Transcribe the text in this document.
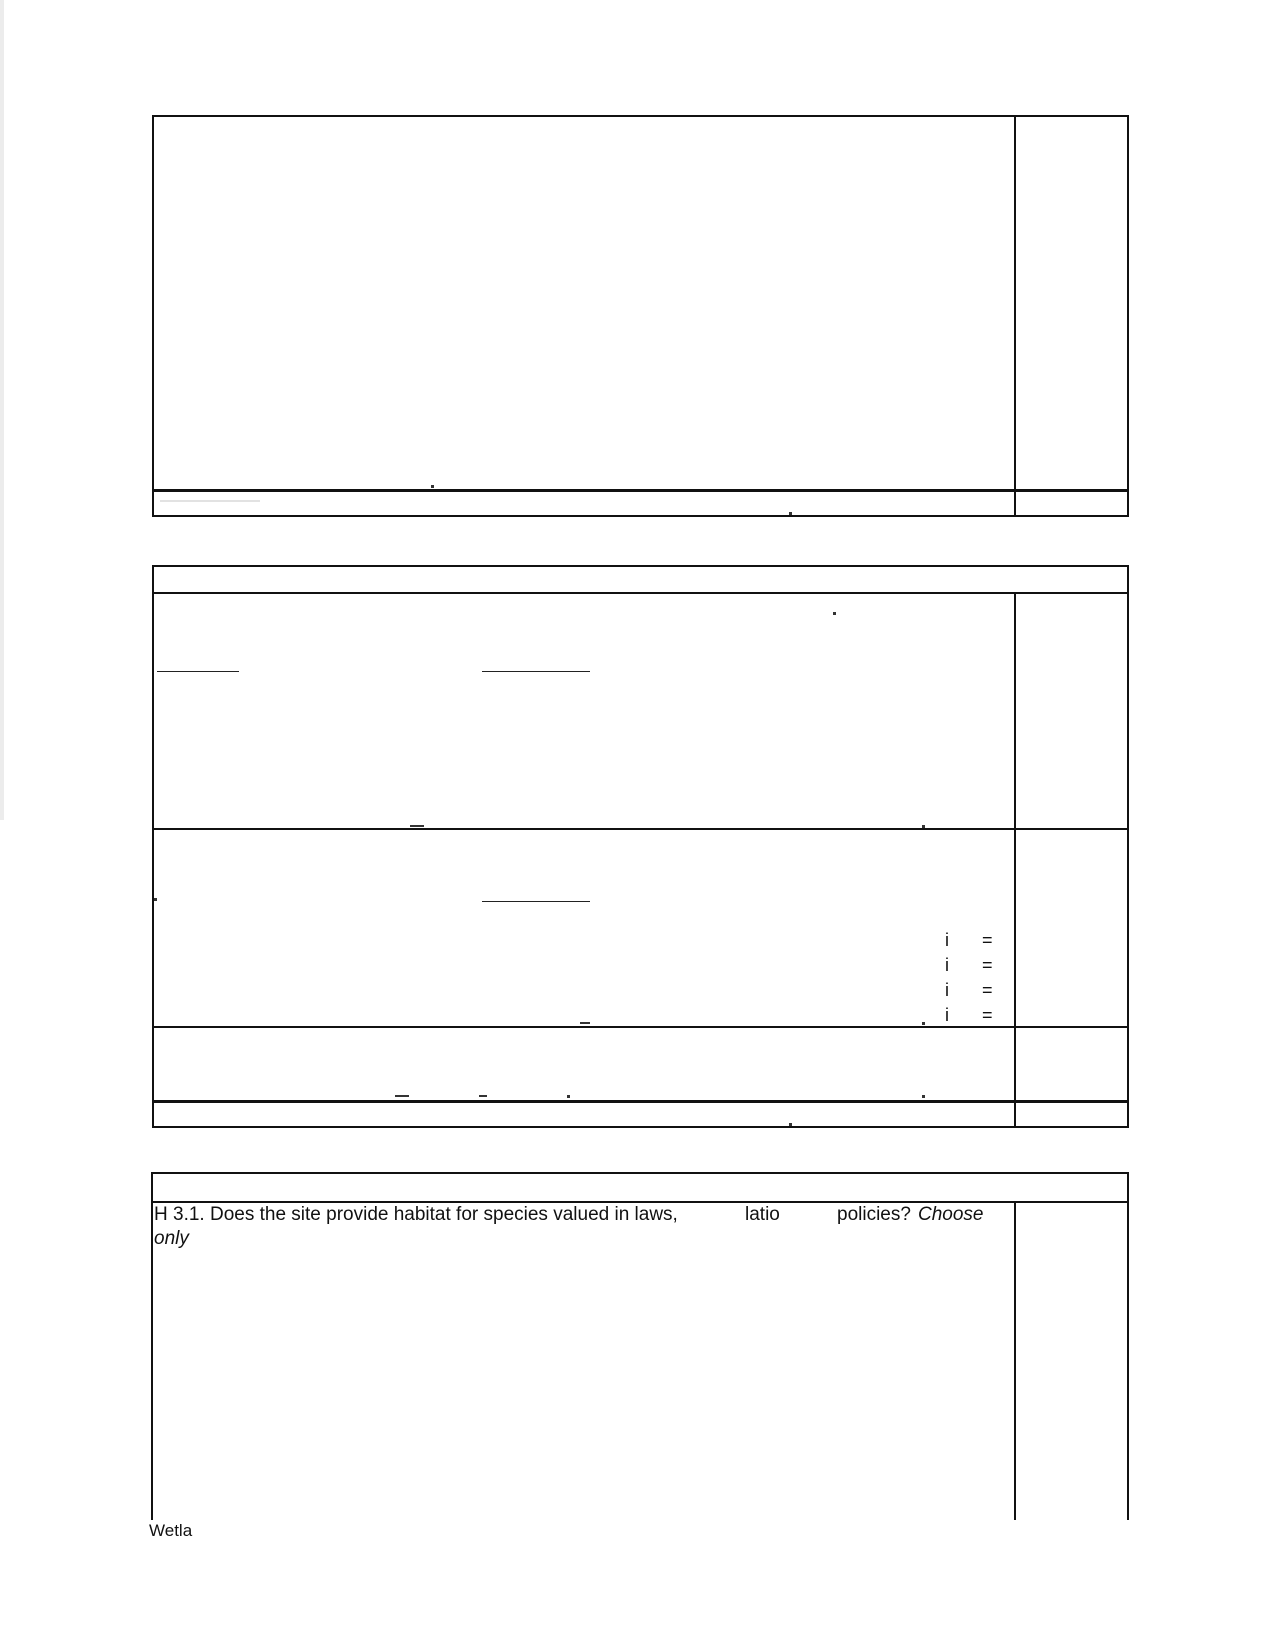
i =
i =
i =
i =
H 3.1. Does the site provide habitat for species valued in laws,	latio	policies? Choose
only
Wetla
